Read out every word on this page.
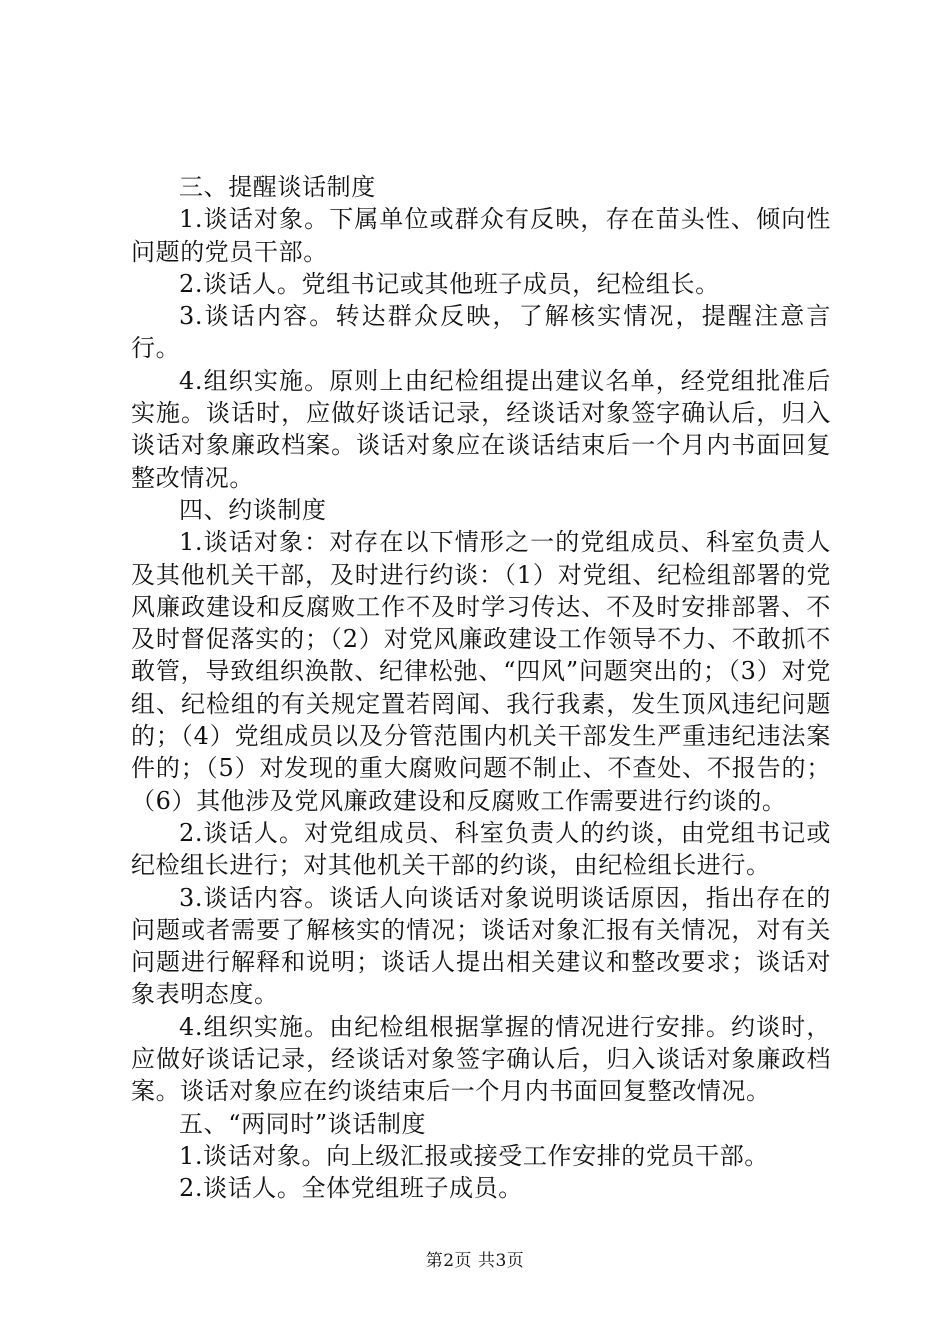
三、提醒谈话制度

1.谈话对象。下属单位或群众有反映，存在苗头性、倾向性问题的党员干部。

2.谈话人。党组书记或其他班子成员，纪检组长。

3.谈话内容。转达群众反映，了解核实情况，提醒注意言行。

4.组织实施。原则上由纪检组提出建议名单，经党组批准后实施。谈话时，应做好谈话记录，经谈话对象签字确认后，归入谈话对象廉政档案。谈话对象应在谈话结束后一个月内书面回复整改情况。

四、约谈制度

1.谈话对象：对存在以下情形之一的党组成员、科室负责人及其他机关干部，及时进行约谈：（1）对党组、纪检组部署的党风廉政建设和反腐败工作不及时学习传达、不及时安排部署、不及时督促落实的；（2）对党风廉政建设工作领导不力、不敢抓不敢管，导致组织涣散、纪律松弛、“四风”问题突出的；（3）对党组、纪检组的有关规定置若罔闻、我行我素，发生顶风违纪问题的；（4）党组成员以及分管范围内机关干部发生严重违纪违法案件的；（5）对发现的重大腐败问题不制止、不查处、不报告的；（6）其他涉及党风廉政建设和反腐败工作需要进行约谈的。

2.谈话人。对党组成员、科室负责人的约谈，由党组书记或纪检组长进行；对其他机关干部的约谈，由纪检组长进行。

3.谈话内容。谈话人向谈话对象说明谈话原因，指出存在的问题或者需要了解核实的情况；谈话对象汇报有关情况，对有关问题进行解释和说明；谈话人提出相关建议和整改要求；谈话对象表明态度。

4.组织实施。由纪检组根据掌握的情况进行安排。约谈时，应做好谈话记录，经谈话对象签字确认后，归入谈话对象廉政档案。谈话对象应在约谈结束后一个月内书面回复整改情况。

五、“两同时”谈话制度

1.谈话对象。向上级汇报或接受工作安排的党员干部。

2.谈话人。全体党组班子成员。

第2页 共3页
